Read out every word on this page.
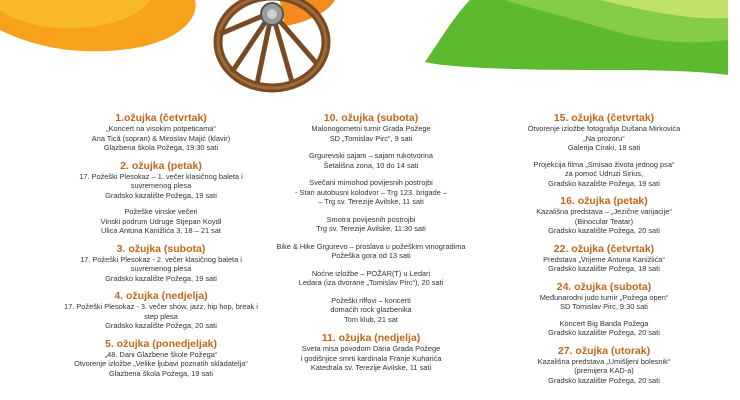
1.ožujka (četvrtak)
„Koncert na visokim potpeticama“
Ana Tică (sopran) & Miroslav Majić (klavir)
Glazbena škola Požega, 19:30 sati
2. ožujka (petak)
17. Požeški Plesokaz – 1. večer klasičnog baleta i
suvremenog plesa
Gradsko kazalište Požega, 19 sati
Požeške vinske večeri
Vinski podrum Udruge Stjepan Koydl
Ulica Antuna Kanižlića 3, 18 – 21 sat
3. ožujka (subota)
17. Požeški Plesokaz - 2. večer klasičnog baleta i
suvremenog plesa
Gradsko kazalište Požega, 19 sati
4. ožujka (nedjelja)
17. Požeški Plesokaz - 3. večer show, jazz, hip hop, break i
step plesa
Gradsko kazalište Požega, 20 sati
5. ožujka (ponedjeljak)
„48. Dani Glazbene škole Požega“
Otvorenje izložbe „Velike ljubavi poznatih skladatelja“
Glazbena škola Požega, 19 sati
10. ožujka (subota)
Malonogometni turnir Grada Požege
SD „Tomislav Pirc“, 9 sati
Grgurevski sajam – sajam rukotvorina
Šetališna zona, 10 do 14 sati
Svečani mimohod povijesnih postrojbi
- Stari autobusni kolodvor – Trg 123. brigade –
– Trg sv. Terezije Avilske, 11 sati
Smotra povijesnih postrojbi
Trg sv. Terezije Avilske, 11:30 sati
Bike & Hike Grgurevo – proslava u požeškim vinogradima
Požeška gora od 13 sati
Noćne izložbe – POŽAR(T) u Ledari
Ledara (iza dvorane „Tomislav Pirc“), 20 sati
Požeški riffovi – koncerti
domaćih rock glazbenika
Tom klub, 21 sat
11. ožujka (nedjelja)
Sveta misa povodom Dana Grada Požege
i godišnjice smrti kardinala Franje Kuharića
Katedrala sv. Terezije Avilske, 11 sati
15. ožujka (četvrtak)
Otvorenje izložbe fotografija Dušana Mirkovića
„Na prozoru“
Galerija Ciraki, 18 sati
Projekcija filma „Smisao života jednog psa“
za pomoć Udruzi Sirius,
Gradsko kazalište Požega, 19 sati
16. ožujka (petak)
Kazališna predstava – „Jezične varijacije“
(Binocular Teatar)
Gradsko kazalište Požega, 20 sati
22. ožujka (četvrtak)
Predstava „Vrijeme Antuna Kanižlića“
Gradsko kazalište Požega, 18 sati
24. ožujka (subota)
Međunarodni judo turnir „Požega open“
SD Tomislav Pirc, 9:30 sati
Koncert Big Banda Požega
Gradsko kazalište Požega, 20 sati
27. ožujka (utorak)
Kazališna predstava „Umišljeni bolesnik“
(premijera KAD-a)
Gradsko kazalište Požega, 20 sati
